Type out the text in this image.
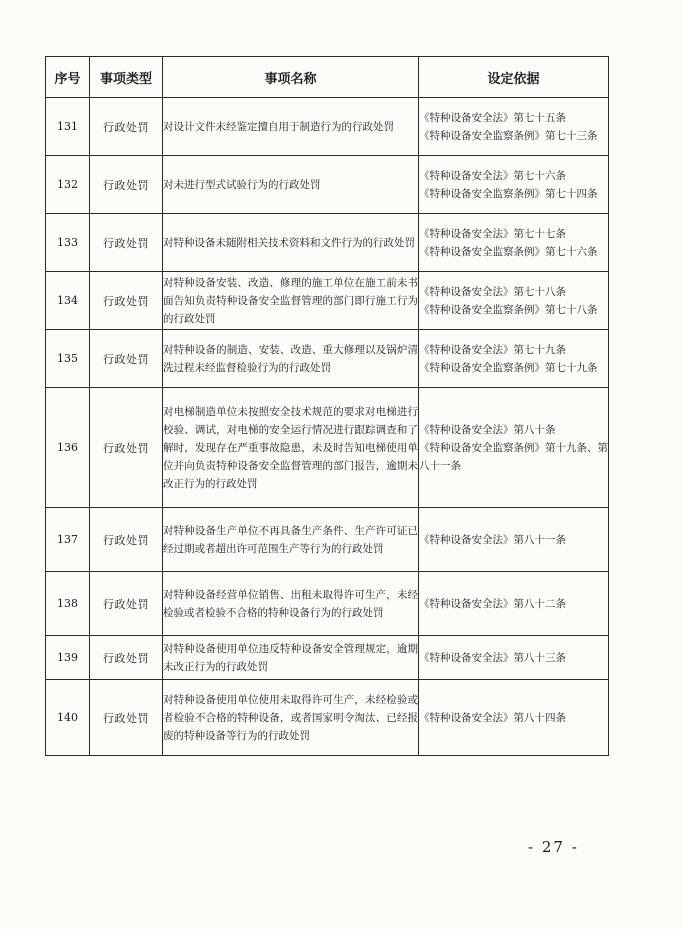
序号	事项类型	事项名称	设定依据
131	行政处罚	对设计文件未经鉴定擅自用于制造行为的行政处罚	《特种设备安全法》第七十五条
《特种设备安全监察条例》第七十三条

132	行政处罚	对未进行型式试验行为的行政处罚	《特种设备安全法》第七十六条
《特种设备安全监察条例》第七十四条

133	行政处罚	对特种设备未随附相关技术资料和文件行为的行政处罚	《特种设备安全法》第七十七条
《特种设备安全监察条例》第七十六条

134	行政处罚	对特种设备安装、改造、修理的施工单位在施工前未书面告知负责特种设备安全监督管理的部门即行施工行为的行政处罚	《特种设备安全法》第七十八条
《特种设备安全监察条例》第七十八条

135	行政处罚	对特种设备的制造、安装、改造、重大修理以及锅炉清洗过程未经监督检验行为的行政处罚	《特种设备安全法》第七十九条
《特种设备安全监察条例》第七十九条

136	行政处罚	对电梯制造单位未按照安全技术规范的要求对电梯进行校验、调试，对电梯的安全运行情况进行跟踪调查和了解时，发现存在严重事故隐患，未及时告知电梯使用单位并向负责特种设备安全监督管理的部门报告，逾期未改正行为的行政处罚	《特种设备安全法》第八十条
《特种设备安全监察条例》第十九条、第八十一条

137	行政处罚	对特种设备生产单位不再具备生产条件、生产许可证已经过期或者超出许可范围生产等行为的行政处罚	《特种设备安全法》第八十一条

138	行政处罚	对特种设备经营单位销售、出租未取得许可生产，未经检验或者检验不合格的特种设备行为的行政处罚	《特种设备安全法》第八十二条

139	行政处罚	对特种设备使用单位违反特种设备安全管理规定，逾期未改正行为的行政处罚	《特种设备安全法》第八十三条

140	行政处罚	对特种设备使用单位使用未取得许可生产，未经检验或者检验不合格的特种设备，或者国家明令淘汰、已经报废的特种设备等行为的行政处罚	《特种设备安全法》第八十四条
- 27 -
